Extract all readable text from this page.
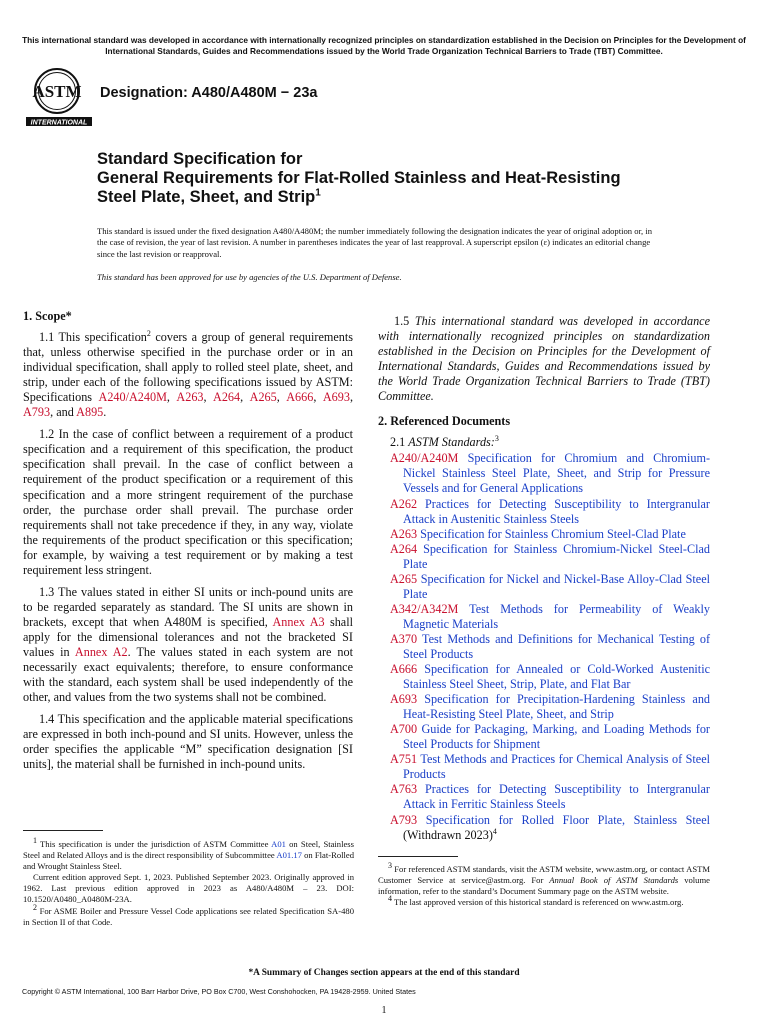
This international standard was developed in accordance with internationally recognized principles on standardization established in the Decision on Principles for the Development of International Standards, Guides and Recommendations issued by the World Trade Organization Technical Barriers to Trade (TBT) Committee.
ASTM
INTERNATIONAL
Designation: A480/A480M − 23a
Standard Specification for
General Requirements for Flat-Rolled Stainless and Heat-Resisting Steel Plate, Sheet, and Strip$^1$
This standard is issued under the fixed designation A480/A480M; the number immediately following the designation indicates the year of original adoption or, in the case of revision, the year of last revision. A number in parentheses indicates the year of last reapproval. A superscript epsilon (ε) indicates an editorial change since the last revision or reapproval.
This standard has been approved for use by agencies of the U.S. Department of Defense.
1. Scope*

1.1 This specification$^2$ covers a group of general requirements that, unless otherwise specified in the purchase order or in an individual specification, shall apply to rolled steel plate, sheet, and strip, under each of the following specifications issued by ASTM: Specifications A240/A240M, A263, A264, A265, A666, A693, A793, and A895.

1.2 In the case of conflict between a requirement of a product specification and a requirement of this specification, the product specification shall prevail. In the case of conflict between a requirement of the product specification or a requirement of this specification and a more stringent requirement of the purchase order, the purchase order shall prevail. The purchase order requirements shall not take precedence if they, in any way, violate the requirements of the product specification or this specification; for example, by waiving a test requirement or by making a test requirement less stringent.

1.3 The values stated in either SI units or inch-pound units are to be regarded separately as standard. The SI units are shown in brackets, except that when A480M is specified, Annex A3 shall apply for the dimensional tolerances and not the bracketed SI values in Annex A2. The values stated in each system are not necessarily exact equivalents; therefore, to ensure conformance with the standard, each system shall be used independently of the other, and values from the two systems shall not be combined.

1.4 This specification and the applicable material specifications are expressed in both inch-pound and SI units. However, unless the order specifies the applicable “M” specification designation [SI units], the material shall be furnished in inch-pound units.

1.5 This international standard was developed in accordance with internationally recognized principles on standardization established in the Decision on Principles for the Development of International Standards, Guides and Recommendations issued by the World Trade Organization Technical Barriers to Trade (TBT) Committee.

2. Referenced Documents
2.1 ASTM Standards:$^3$

A240/A240M Specification for Chromium and Chromium-Nickel Stainless Steel Plate, Sheet, and Strip for Pressure Vessels and for General Applications

A262 Practices for Detecting Susceptibility to Intergranular Attack in Austenitic Stainless Steels

A263 Specification for Stainless Chromium Steel-Clad Plate

A264 Specification for Stainless Chromium-Nickel Steel-Clad Plate

A265 Specification for Nickel and Nickel-Base Alloy-Clad Steel Plate

A342/A342M Test Methods for Permeability of Weakly Magnetic Materials

A370 Test Methods and Definitions for Mechanical Testing of Steel Products

A666 Specification for Annealed or Cold-Worked Austenitic Stainless Steel Sheet, Strip, Plate, and Flat Bar

A693 Specification for Precipitation-Hardening Stainless and Heat-Resisting Steel Plate, Sheet, and Strip

A700 Guide for Packaging, Marking, and Loading Methods for Steel Products for Shipment

A751 Test Methods and Practices for Chemical Analysis of Steel Products

A763 Practices for Detecting Susceptibility to Intergranular Attack in Ferritic Stainless Steels

A793 Specification for Rolled Floor Plate, Stainless Steel (Withdrawn 2023)$^4$

$^1$ This specification is under the jurisdiction of ASTM Committee A01 on Steel, Stainless Steel and Related Alloys and is the direct responsibility of Subcommittee A01.17 on Flat-Rolled and Wrought Stainless Steel.
Current edition approved Sept. 1, 2023. Published September 2023. Originally approved in 1962. Last previous edition approved in 2023 as A480/A480M – 23. DOI: 10.1520/A0480_A0480M-23A.
$^2$ For ASME Boiler and Pressure Vessel Code applications see related Specification SA-480 in Section II of that Code.
$^3$ For referenced ASTM standards, visit the ASTM website, www.astm.org, or contact ASTM Customer Service at service@astm.org. For Annual Book of ASTM Standards volume information, refer to the standard’s Document Summary page on the ASTM website.
$^4$ The last approved version of this historical standard is referenced on www.astm.org.
*A Summary of Changes section appears at the end of this standard
Copyright © ASTM International, 100 Barr Harbor Drive, PO Box C700, West Conshohocken, PA 19428-2959. United States
1
